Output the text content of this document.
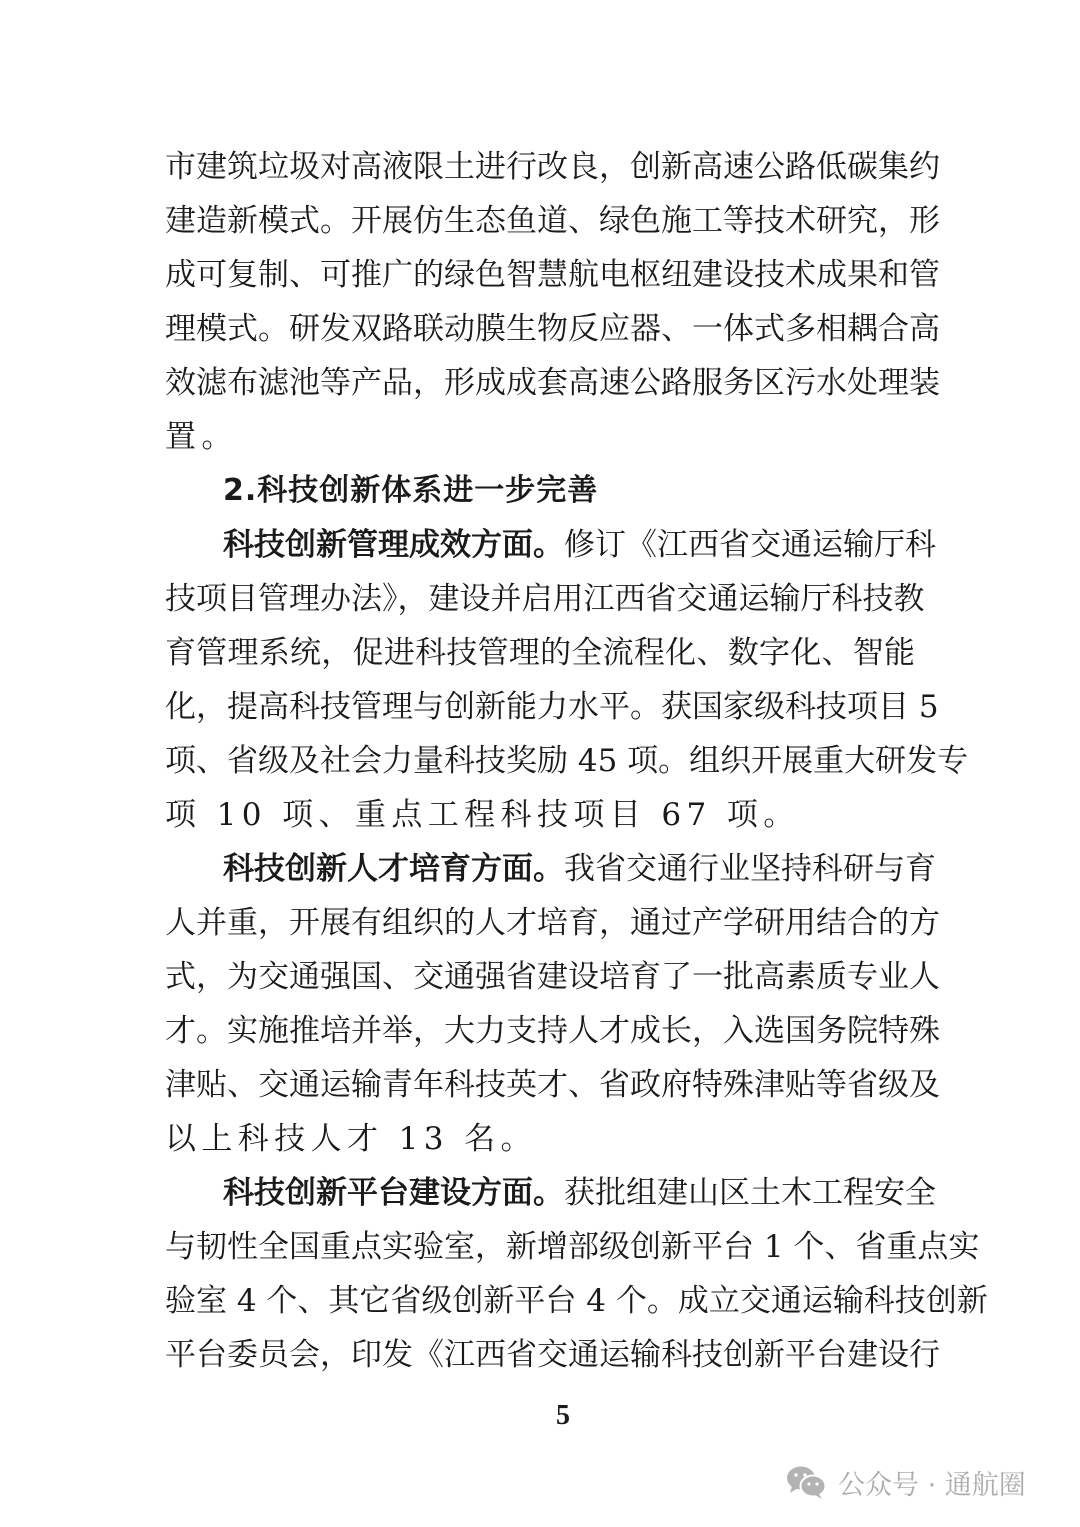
市建筑垃圾对高液限土进行改良，创新高速公路低碳集约
建造新模式。开展仿生态鱼道、绿色施工等技术研究，形
成可复制、可推广的绿色智慧航电枢纽建设技术成果和管
理模式。研发双路联动膜生物反应器、一体式多相耦合高
效滤布滤池等产品，形成成套高速公路服务区污水处理装
置。
2.科技创新体系进一步完善
科技创新管理成效方面。修订《江西省交通运输厅科
技项目管理办法》，建设并启用江西省交通运输厅科技教
育管理系统，促进科技管理的全流程化、数字化、智能
化，提高科技管理与创新能力水平。获国家级科技项目 5
项、省级及社会力量科技奖励 45 项。组织开展重大研发专
项 10 项、重点工程科技项目 67 项。
科技创新人才培育方面。我省交通行业坚持科研与育
人并重，开展有组织的人才培育，通过产学研用结合的方
式，为交通强国、交通强省建设培育了一批高素质专业人
才。实施推培并举，大力支持人才成长，入选国务院特殊
津贴、交通运输青年科技英才、省政府特殊津贴等省级及
以上科技人才 13 名。
科技创新平台建设方面。获批组建山区土木工程安全
与韧性全国重点实验室，新增部级创新平台 1 个、省重点实
验室 4 个、其它省级创新平台 4 个。成立交通运输科技创新
平台委员会，印发《江西省交通运输科技创新平台建设行
5
公众号 · 通航圈
